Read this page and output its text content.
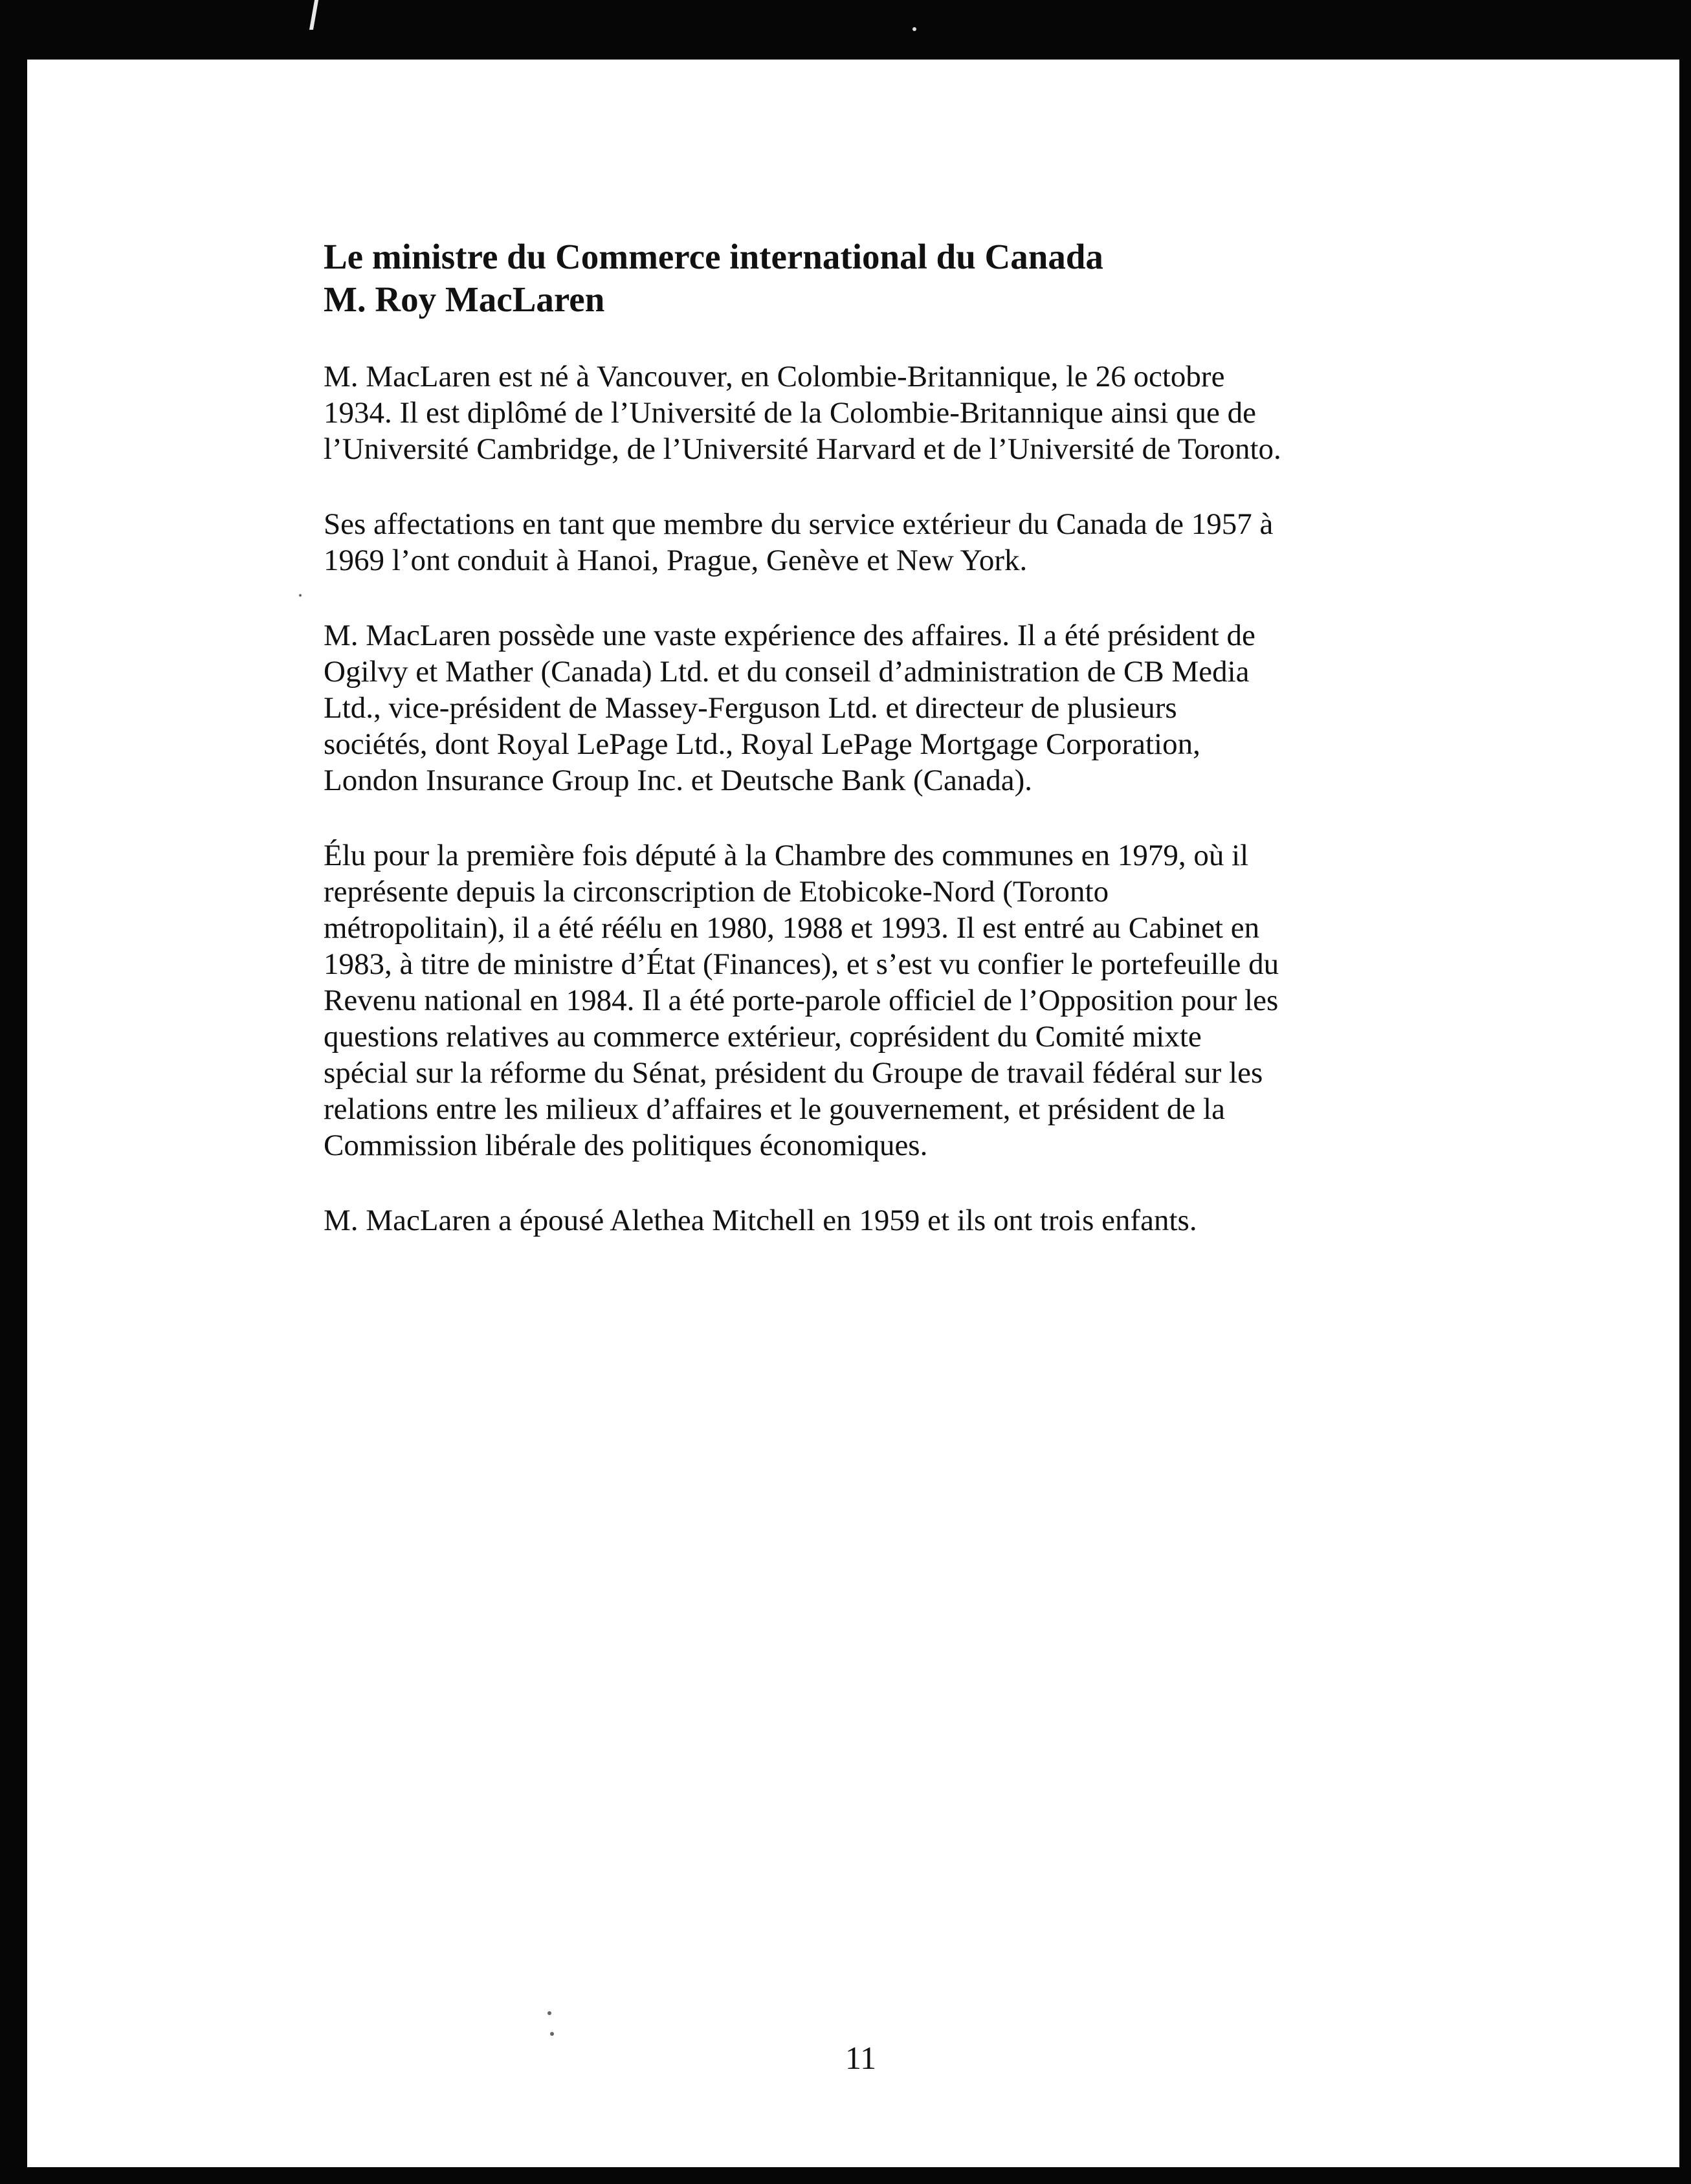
Le ministre du Commerce international du Canada
M. Roy MacLaren
M. MacLaren est né à Vancouver, en Colombie-Britannique, le 26 octobre
1934. Il est diplômé de l’Université de la Colombie-Britannique ainsi que de
l’Université Cambridge, de l’Université Harvard et de l’Université de Toronto.
Ses affectations en tant que membre du service extérieur du Canada de 1957 à
1969 l’ont conduit à Hanoi, Prague, Genève et New York.
M. MacLaren possède une vaste expérience des affaires. Il a été président de
Ogilvy et Mather (Canada) Ltd. et du conseil d’administration de CB Media
Ltd., vice-président de Massey-Ferguson Ltd. et directeur de plusieurs
sociétés, dont Royal LePage Ltd., Royal LePage Mortgage Corporation,
London Insurance Group Inc. et Deutsche Bank (Canada).
Élu pour la première fois député à la Chambre des communes en 1979, où il
représente depuis la circonscription de Etobicoke-Nord (Toronto
métropolitain), il a été réélu en 1980, 1988 et 1993. Il est entré au Cabinet en
1983, à titre de ministre d’État (Finances), et s’est vu confier le portefeuille du
Revenu national en 1984. Il a été porte-parole officiel de l’Opposition pour les
questions relatives au commerce extérieur, coprésident du Comité mixte
spécial sur la réforme du Sénat, président du Groupe de travail fédéral sur les
relations entre les milieux d’affaires et le gouvernement, et président de la
Commission libérale des politiques économiques.
M. MacLaren a épousé Alethea Mitchell en 1959 et ils ont trois enfants.
11
